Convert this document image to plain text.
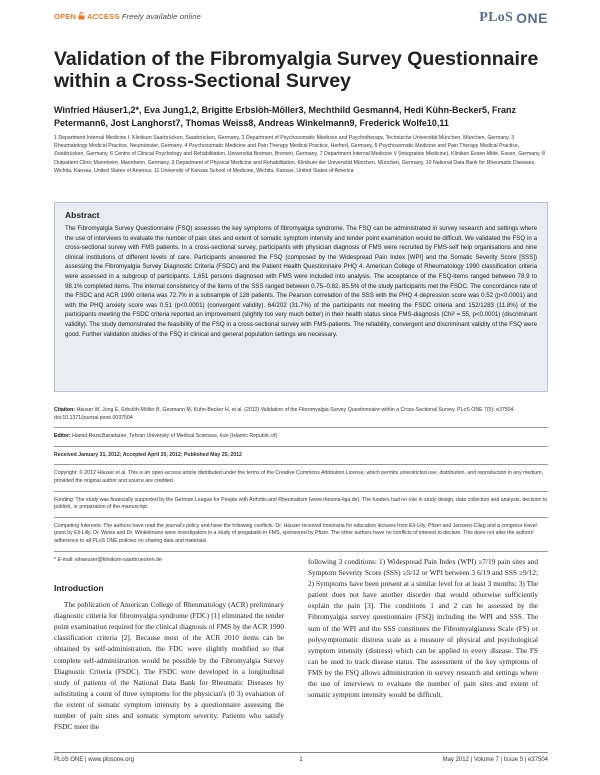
OPEN ACCESS Freely available online	PLoS ONE
Validation of the Fibromyalgia Survey Questionnaire within a Cross-Sectional Survey
Winfried Häuser1,2*, Eva Jung1,2, Brigitte Erbslöh-Möller3, Mechthild Gesmann4, Hedi Kühn-Becker5, Franz Petermann6, Jost Langhorst7, Thomas Weiss8, Andreas Winkelmann9, Frederick Wolfe10,11
1 Department Internal Medicine I, Klinikum Saarbrücken, Saarbrücken, Germany, 2 Department of Psychosomatic Medicine and Psychotherapy, Technische Universität München, München, Germany, 3 Rheumatology Medical Practice, Neumünster, Germany, 4 Psychosomatic Medicine and Pain Therapy Medical Practice, Herford, Germany, 5 Psychosomatic Medicine and Pain Therapy Medical Practice, Zweibrücken, Germany, 6 Centre of Clinical Psychology and Rehabilitation, Universität Bremen, Bremen, Germany, 7 Department Internal Medicine V (Integrative Medicine), Kliniken Essen-Mitte, Essen, Germany, 8 Outpatient Clinic Mannheim, Mannheim, Germany, 9 Department of Physical Medicine and Rehabilitation, Klinikum der Universität München, München, Germany, 10 National Data Bank for Rheumatic Diseases, Wichita, Kansas, United States of America, 11 University of Kansas School of Medicine, Wichita, Kansas, United States of America
Abstract

The Fibromyalgia Survey Questionnaire (FSQ) assesses the key symptoms of fibromyalgia syndrome. The FSQ can be administrated in survey research and settings where the use of interviews to evaluate the number of pain sites and extent of somatic symptom intensity and tender point examination would be difficult. We validated the FSQ in a cross-sectional survey with FMS patients. In a cross-sectional survey, participants with physician diagnosis of FMS were recruited by FMS-self help organisations and nine clinical institutions of different levels of care. Participants answered the FSQ (composed by the Widespread Pain Index [WPI] and the Somatic Severity Score [SSS]) assessing the Fibromyalgia Survey Diagnostic Criteria (FSDC) and the Patient Health Questionnaire PHQ 4. American College of Rheumatology 1990 classification criteria were assessed in a subgroup of participants. 1,651 persons diagnosed with FMS were included into analysis. The acceptance of the FSQ-items ranged between 78.9 to 98.1% completed items. The internal consistency of the items of the SSS ranged between 0.75–0.82. 85.5% of the study participants met the FSDC. The concordance rate of the FSDC and ACR 1990 criteria was 72.7% in a subsample of 128 patients. The Pearson correlation of the SSS with the PHQ 4 depression score was 0.52 (p<0.0001) and with the PHQ anxiety score was 0.51 (p<0.0001) (convergent validity). 64/202 (31.7%) of the participants not meeting the FSDC criteria and 152/1283 (11.8%) of the participants meeting the FSDC criteria reported an improvement (slightly too very much better) in their health status since FMS-diagnosis (Chi² = 55, p<0.0001) (discriminant validity). The study demonstrated the feasibility of the FSQ in a cross-sectional survey with FMS-patients. The reliability, convergent and discriminant validity of the FSQ were good. Further validation studies of the FSQ in clinical and general population settings are necessary.

Citation: Häuser W, Jung E, Erbslöh-Möller B, Gesmann M, Kühn-Becker H, et al. (2012) Validation of the Fibromyalgia Survey Questionnaire within a Cross-Sectional Survey. PLoS ONE 7(5): e37504. doi:10.1371/journal.pone.0037504
Editor: Hamid Reza Baradaran, Tehran University of Medical Sciences, Iran (Islamic Republic of)
Received January 31, 2012; Accepted April 20, 2012; Published May 25, 2012
Copyright: © 2012 Häuser et al. This is an open-access article distributed under the terms of the Creative Commons Attribution License, which permits unrestricted use, distribution, and reproduction in any medium, provided the original author and source are credited.
Funding: The study was financially supported by the German League for People with Arthritis and Rheumatism (www.rheuma-liga.de). The funders had no role in study design, data collection and analysis, decision to publish, or preparation of the manuscript.
Competing Interests: The authors have read the journal's policy and have the following conflicts: Dr. Häuser received honoraria for education lectures from Eli-Lilly, Pfizer and Janssen-Cilag and a congress travel grant by Eli-Lilly. Dr. Weiss and Dr. Winkelmann were investigators in a study of pregabalin in FMS, sponsored by Pfizer. The other authors have no conflicts of interest to declare. This does not alter the authors' adherence to all PLoS ONE policies on sharing data and materials.
* E-mail: whaeuser@klinikum-saarbruecken.de
Introduction

The publication of American College of Rheumatology (ACR) preliminary diagnostic criteria for fibromyalgia syndrome (FDC) [1] eliminated the tender point examination required for the clinical diagnosis of FMS by the ACR 1990 classification criteria [2]. Because most of the ACR 2010 items can be obtained by self-administration, the FDC were slightly modified so that complete self-administration would be possible by the Fibromyalgia Survey Diagnostic Criteria (FSDC). The FSDC were developed in a longitudinal study of patients of the National Data Bank for Rheumatic Diseases by substituting a count of three symptoms for the physician's (0 3) evaluation of the extent of somatic symptom intensity by a questionnaire assessing the number of pain sites and somatic symptom severity. Patients who satisfy FSDC meet the

following 3 conditions: 1) Widespread Pain Index (WPI) ≥7/19 pain sites and Symptom Severity Score (SSS) ≥5/12 or WPI between 3 6/19 and SSS ≥9/12; 2) Symptoms have been present at a similar level for at least 3 months; 3) The patient does not have another disorder that would otherwise sufficiently explain the pain [3]. The conditions 1 and 2 can be assessed by the Fibromyalgia survey questionnaire (FSQ) including the WPI and SSS. The sum of the WPI and the SSS constitutes the Fibromyalgianess Scale (FS) or polysymptomatic distress scale as a measure of physical and psychological symptom intensity (distress) which can be applied to every disease. The FS can be used to track disease status. The assessment of the key symptoms of FMS by the FSQ allows administration in survey research and settings where the use of interviews to evaluate the number of pain sites and extent of somatic symptom intensity would be difficult.

PLoS ONE | www.plosone.org	1	May 2012 | Volume 7 | Issue 5 | e37504
